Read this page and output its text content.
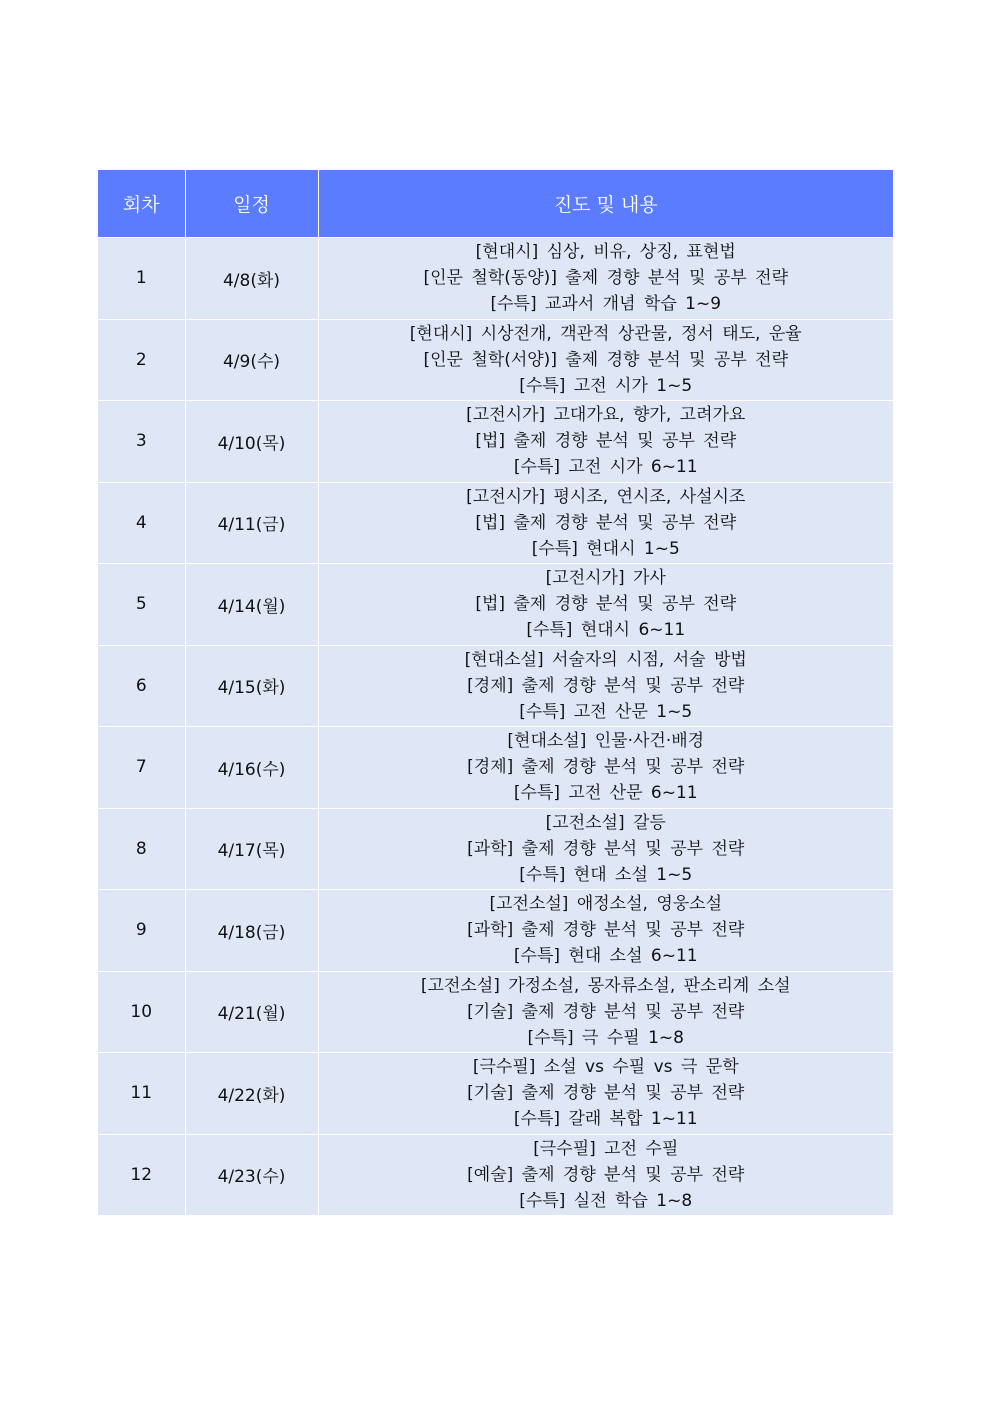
회차	일정	진도 및 내용
1	4/8(화)	[현대시] 심상, 비유, 상징, 표현법
[인문 철학(동양)] 출제 경향 분석 및 공부 전략
[수특] 교과서 개념 학습 1~9

2	4/9(수)	[현대시] 시상전개, 객관적 상관물, 정서 태도, 운율
[인문 철학(서양)] 출제 경향 분석 및 공부 전략
[수특] 고전 시가 1~5

3	4/10(목)	[고전시가] 고대가요, 향가, 고려가요
[법] 출제 경향 분석 및 공부 전략
[수특] 고전 시가 6~11

4	4/11(금)	[고전시가] 평시조, 연시조, 사설시조
[법] 출제 경향 분석 및 공부 전략
[수특] 현대시 1~5

5	4/14(월)	[고전시가] 가사
[법] 출제 경향 분석 및 공부 전략
[수특] 현대시 6~11

6	4/15(화)	[현대소설] 서술자의 시점, 서술 방법
[경제] 출제 경향 분석 및 공부 전략
[수특] 고전 산문 1~5

7	4/16(수)	[현대소설] 인물·사건·배경
[경제] 출제 경향 분석 및 공부 전략
[수특] 고전 산문 6~11

8	4/17(목)	[고전소설] 갈등
[과학] 출제 경향 분석 및 공부 전략
[수특] 현대 소설 1~5

9	4/18(금)	[고전소설] 애정소설, 영웅소설
[과학] 출제 경향 분석 및 공부 전략
[수특] 현대 소설 6~11

10	4/21(월)	[고전소설] 가정소설, 몽자류소설, 판소리계 소설
[기술] 출제 경향 분석 및 공부 전략
[수특] 극 수필 1~8

11	4/22(화)	[극수필] 소설 vs 수필 vs 극 문학
[기술] 출제 경향 분석 및 공부 전략
[수특] 갈래 복합 1~11

12	4/23(수)	[극수필] 고전 수필
[예술] 출제 경향 분석 및 공부 전략
[수특] 실전 학습 1~8
